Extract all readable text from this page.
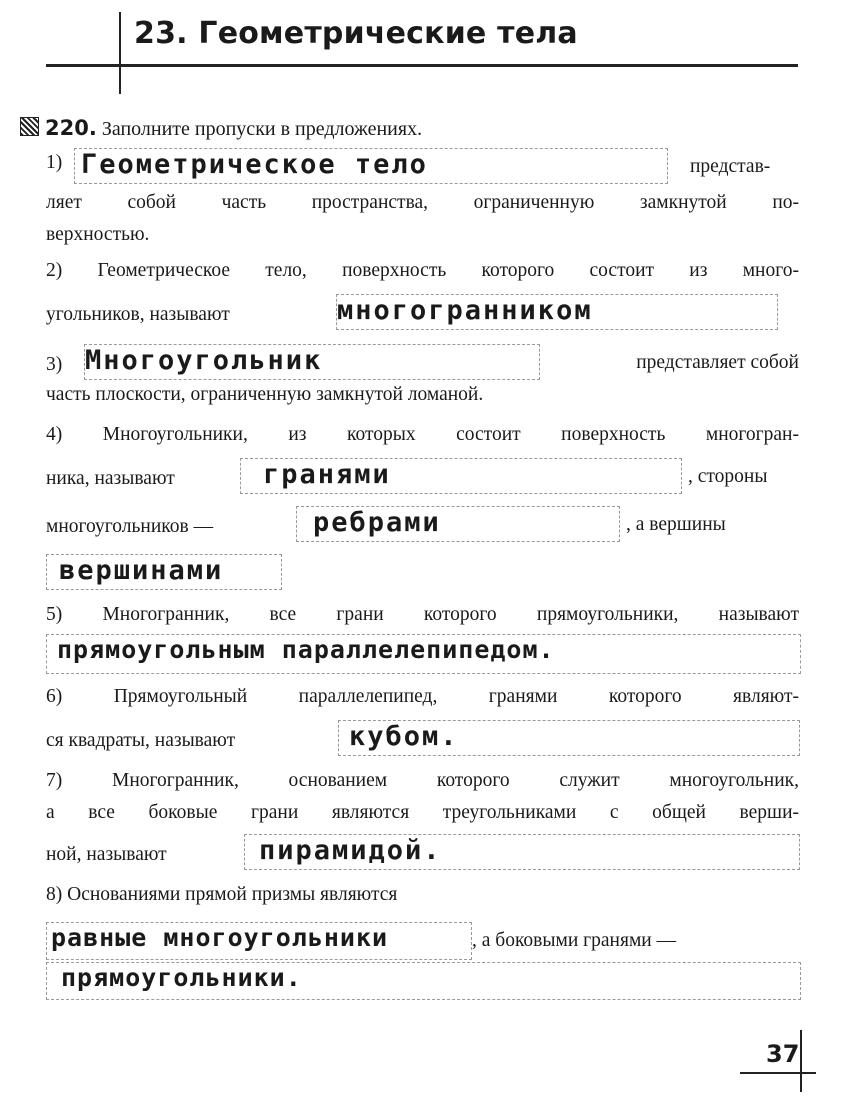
23. Геометрические тела
220. Заполните пропуски в предложениях.
1) Геометрическое тело	представ-
ляет собой часть пространства, ограниченную замкнутой по-
верхностью.
2) Геометрическое тело, поверхность которого состоит из много-
угольников, называют	многогранником
3) Многоугольник	представляет собой
часть плоскости, ограниченную замкнутой ломаной.
4) Многоугольники, из которых состоит поверхность многогран-
ника, называют	гранями	, стороны
многоугольников —	ребрами	, а вершины
вершинами
5) Многогранник, все грани которого прямоугольники, называют
прямоугольным параллелепипедом.
6) Прямоугольный параллелепипед, гранями которого являют-
ся квадраты, называют	кубом.
7) Многогранник, основанием которого служит многоугольник,
а все боковые грани являются треугольниками с общей верши-
ной, называют	пирамидой.
8) Основаниями прямой призмы являются
равные многоугольники	, а боковыми гранями —
прямоугольники.
37
